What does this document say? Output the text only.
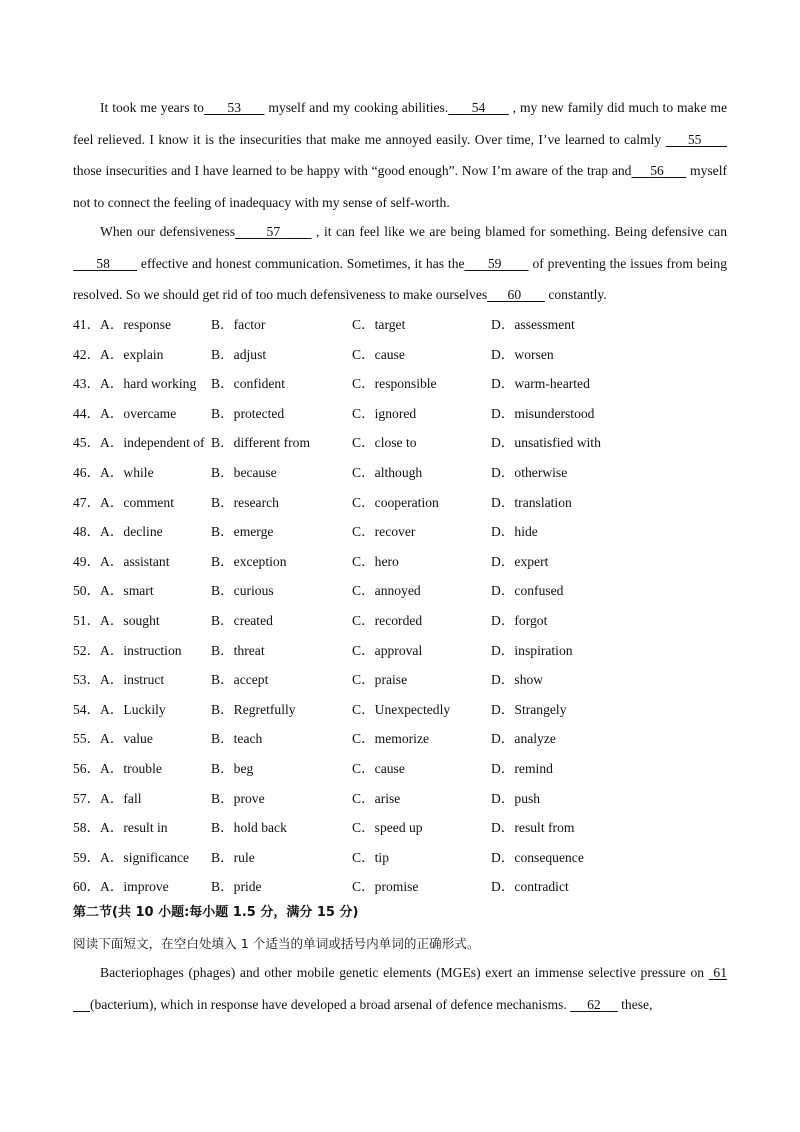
It took me years to 53       myself and my cooking abilities. 54       , my new family did much to make me feel relieved. I know it is the insecurities that make me annoyed easily. Over time, I’ve learned to calmly      55       those insecurities and I have learned to be happy with “good enough”. Now I’m aware of the trap and 56       myself not to connect the feeling of inadequacy with my sense of self-worth.
When our defensiveness 57        , it can feel like we are being blamed for something. Being defensive can      58        effective and honest communication. Sometimes, it has the 59        of preventing the issues from being resolved. So we should get rid of too much defensiveness to make ourselves 60        constantly.
41． A．response	B．factor	C．target	D．assessment
42． A．explain	B．adjust	C．cause	D．worsen
43． A．hard working B．confident	C．responsible	D．warm-hearted
44． A．overcame	B．protected	C．ignored	D．misunderstood
45． A．independent of B．different from	C．close to	D．unsatisfied with
46． A．while	B．because	C．although	D．otherwise
47． A．comment	B．research	C．cooperation	D．translation
48． A．decline	B．emerge	C．recover	D．hide
49． A．assistant	B．exception	C．hero	D．expert
50． A．smart	B．curious	C．annoyed	D．confused
51． A．sought	B．created	C．recorded	D．forgot
52． A．instruction B．threat	C．approval	D．inspiration
53． A．instruct	B．accept	C．praise	D．show
54． A．Luckily	B．Regretfully	C．Unexpectedly	D．Strangely
55． A．value	B．teach	C．memorize	D．analyze
56． A．trouble	B．beg	C．cause	D．remind
57． A．fall	B．prove	C．arise	D．push
58． A．result in	B．hold back	C．speed up	D．result from
59． A．significance B．rule	C．tip	D．consequence
60． A．improve	B．pride	C．promise	D．contradict
第二节(共 10 小题:每小题 1.5 分，满分 15 分)
阅读下面短文，在空白处填入 1 个适当的单词或括号内单词的正确形式。
Bacteriophages (phages) and other mobile genetic elements (MGEs) exert an immense selective pressure on  61     (bacterium), which in response have developed a broad arsenal of defence mechanisms.      62      these,
